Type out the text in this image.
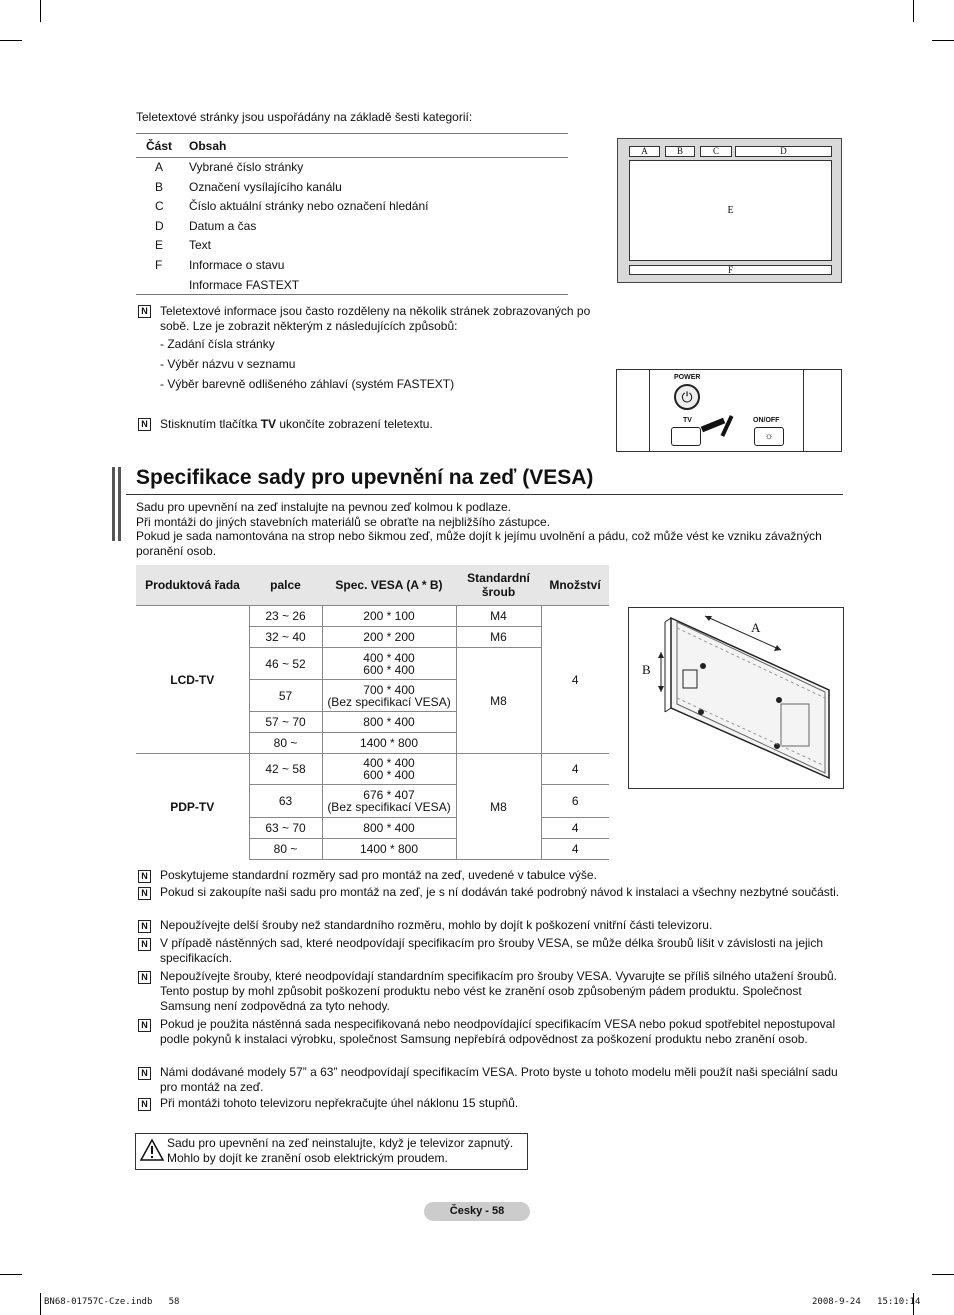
Teletextové stránky jsou uspořádány na základě šesti kategorií:
Část Obsah
A Vybrané číslo stránky
B Označení vysílajícího kanálu
C Číslo aktuální stránky nebo označení hledání
D Datum a čas
E Text
F Informace o stavu
Informace FASTEXT
A	B	C	D
E
F
N
Teletextové informace jsou často rozděleny na několik stránek zobrazovaných po sobě. Lze je zobrazit některým z následujících způsobů:
- Zadání čísla stránky
- Výběr názvu v seznamu
- Výběr barevně odlišeného záhlaví (systém FASTEXT)
N
Stisknutím tlačítka TV ukončíte zobrazení teletextu.
POWER
⏻
TV	ON/OFF
☼
Specifikace sady pro upevnění na zeď (VESA)
Sadu pro upevnění na zeď instalujte na pevnou zeď kolmou k podlaze.
Při montáži do jiných stavebních materiálů se obraťte na nejbližšího zástupce.
Pokud je sada namontována na strop nebo šikmou zeď, může dojít k jejímu uvolnění a pádu, což může vést ke vzniku závažných poranění osob.
Produktová řada	palce	Spec. VESA (A * B)	Standardní šroub	Množství
LCD-TV	23 ~ 26	200 * 100	M4	4
	32 ~ 40	200 * 200	M6	
	46 ~ 52	400 * 400
600 * 400	M8	
	57	700 * 400
(Bez specifikací VESA)		
	57 ~ 70	800 * 400		
	80 ~	1400 * 800		
PDP-TV	42 ~ 58	400 * 400
600 * 400	M8	4
	63	676 * 407
(Bez specifikací VESA)		6
	63 ~ 70	800 * 400		4
	80 ~	1400 * 800		4
A
B
N
Poskytujeme standardní rozměry sad pro montáž na zeď, uvedené v tabulce výše.
N
Pokud si zakoupíte naši sadu pro montáž na zeď, je s ní dodáván také podrobný návod k instalaci a všechny nezbytné součásti.
N
Nepoužívejte delší šrouby než standardního rozměru, mohlo by dojít k poškození vnitřní části televizoru.
N
V případě nástěnných sad, které neodpovídají specifikacím pro šrouby VESA, se může délka šroubů lišit v závislosti na jejich specifikacích.
N
Nepoužívejte šrouby, které neodpovídají standardním specifikacím pro šrouby VESA. Vyvarujte se příliš silného utažení šroubů. Tento postup by mohl způsobit poškození produktu nebo vést ke zranění osob způsobeným pádem produktu. Společnost Samsung není zodpovědná za tyto nehody.
N
Pokud je použita nástěnná sada nespecifikovaná nebo neodpovídající specifikacím VESA nebo pokud spotřebitel nepostupoval podle pokynů k instalaci výrobku, společnost Samsung nepřebírá odpovědnost za poškození produktu nebo zranění osob.
N
Námi dodávané modely 57” a 63” neodpovídají specifikacím VESA. Proto byste u tohoto modelu měli použít naši speciální sadu pro montáž na zeď.
N
Při montáži tohoto televizoru nepřekračujte úhel náklonu 15 stupňů.
Sadu pro upevnění na zeď neinstalujte, když je televizor zapnutý. Mohlo by dojít ke zranění osob elektrickým proudem.
Česky - 58
BN68-01757C-Cze.indb   58	2008-9-24   15:10:14
